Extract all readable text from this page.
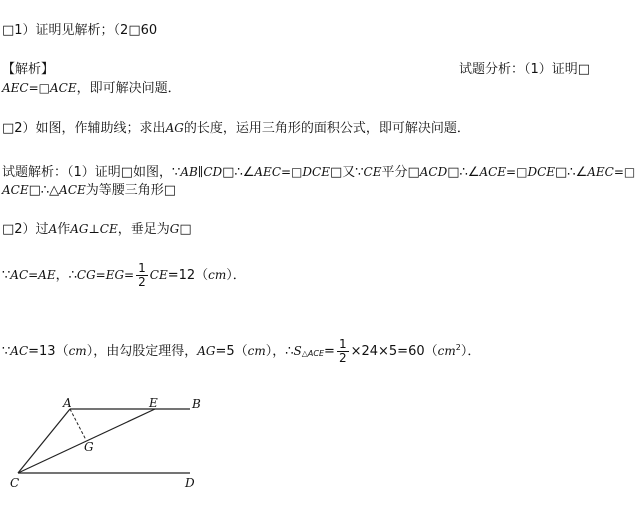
□1）证明见解析；（2□60
【解析】	试题分析：（1）证明□
AEC=□ACE，即可解决问题．
□2）如图，作辅助线；求出AG的长度，运用三角形的面积公式，即可解决问题．
试题解析：（1）证明□如图，∵AB∥CD□∴∠AEC=□DCE□又∵CE平分□ACD□∴∠ACE=□DCE□∴∠AEC=□
ACE□∴△ACE为等腰三角形□
□2）过A作AG⊥CE，垂足为G□
∵AC=AE，∴CG=EG= $\frac{1}{2} CE=12(cm)$．
∵AC=13（cm），由勾股定理得，AG=5（cm），∴S△ACE= $\frac{1}{2} \times 24\times 5=60(cm^2)$．
A	E	B
G
C	D
